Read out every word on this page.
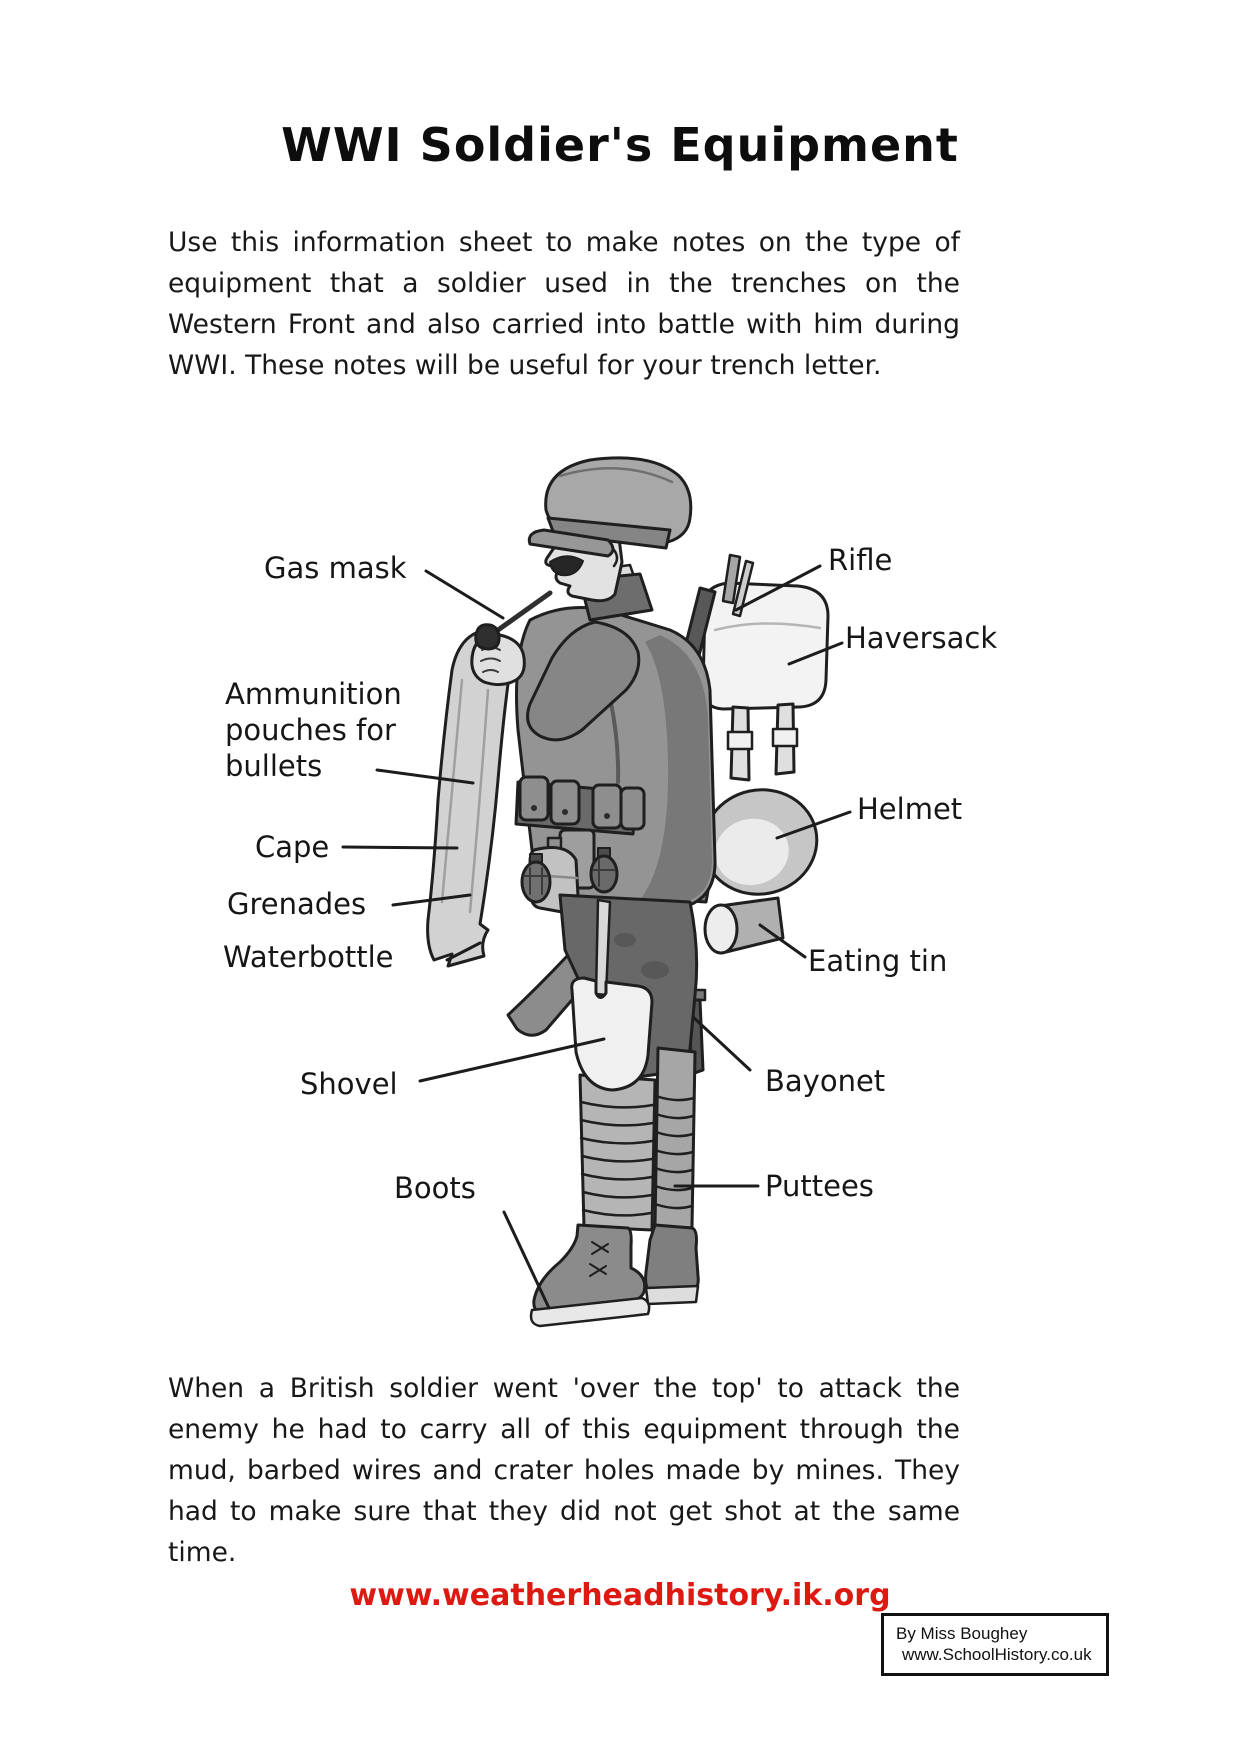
WWI Soldier's Equipment
Use this information sheet to make notes on the type of equipment that a soldier used in the trenches on the Western Front and also carried into battle with him during WWI. These notes will be useful for your trench letter.
Gas mask	Rifle
Haversack
Ammunition pouches for bullets
Cape
Grenades
Waterbottle
Helmet
Eating tin
Shovel	Bayonet
Boots	Puttees
When a British soldier went 'over the top' to attack the enemy he had to carry all of this equipment through the mud, barbed wires and crater holes made by mines. They had to make sure that they did not get shot at the same time.
www.weatherheadhistory.ik.org
By Miss Boughey
www.SchoolHistory.co.uk
